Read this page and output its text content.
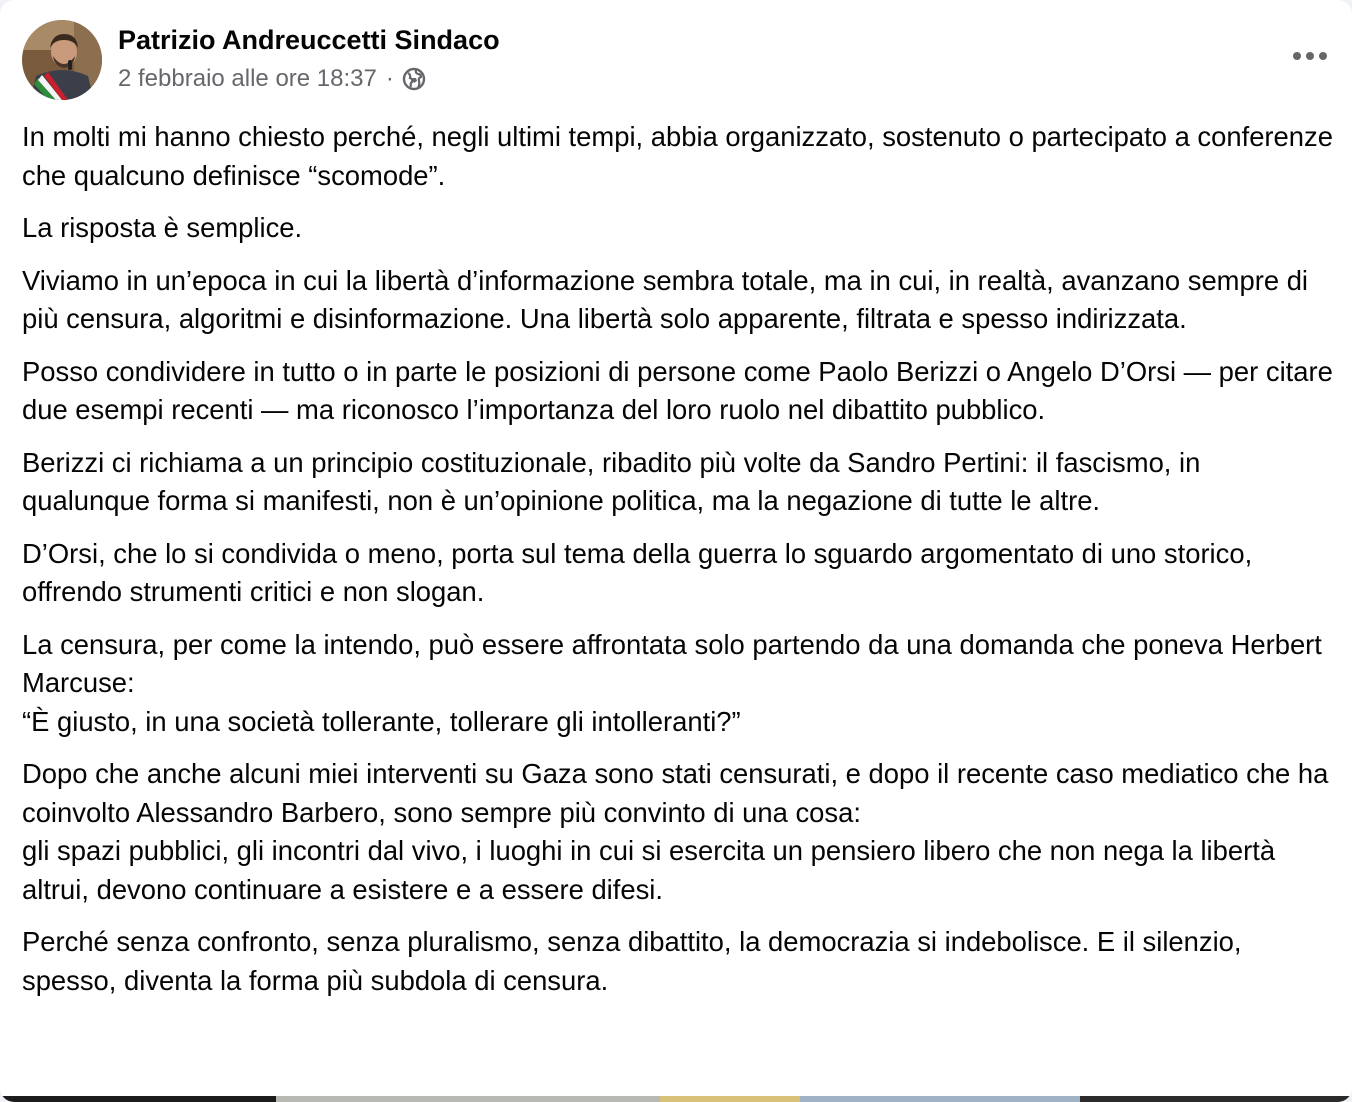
Patrizio Andreuccetti Sindaco
2 febbraio alle ore 18:37 ·

In molti mi hanno chiesto perché, negli ultimi tempi, abbia organizzato, sostenuto o partecipato a conferenze che qualcuno definisce “scomode”.

La risposta è semplice.

Viviamo in un’epoca in cui la libertà d’informazione sembra totale, ma in cui, in realtà, avanzano sempre di più censura, algoritmi e disinformazione. Una libertà solo apparente, filtrata e spesso indirizzata.

Posso condividere in tutto o in parte le posizioni di persone come Paolo Berizzi o Angelo D’Orsi — per citare due esempi recenti — ma riconosco l’importanza del loro ruolo nel dibattito pubblico.

Berizzi ci richiama a un principio costituzionale, ribadito più volte da Sandro Pertini: il fascismo, in qualunque forma si manifesti, non è un’opinione politica, ma la negazione di tutte le altre.

D’Orsi, che lo si condivida o meno, porta sul tema della guerra lo sguardo argomentato di uno storico, offrendo strumenti critici e non slogan.

La censura, per come la intendo, può essere affrontata solo partendo da una domanda che poneva Herbert Marcuse:
“È giusto, in una società tollerante, tollerare gli intolleranti?”

Dopo che anche alcuni miei interventi su Gaza sono stati censurati, e dopo il recente caso mediatico che ha coinvolto Alessandro Barbero, sono sempre più convinto di una cosa:
gli spazi pubblici, gli incontri dal vivo, i luoghi in cui si esercita un pensiero libero che non nega la libertà altrui, devono continuare a esistere e a essere difesi.

Perché senza confronto, senza pluralismo, senza dibattito, la democrazia si indebolisce. E il silenzio, spesso, diventa la forma più subdola di censura.
